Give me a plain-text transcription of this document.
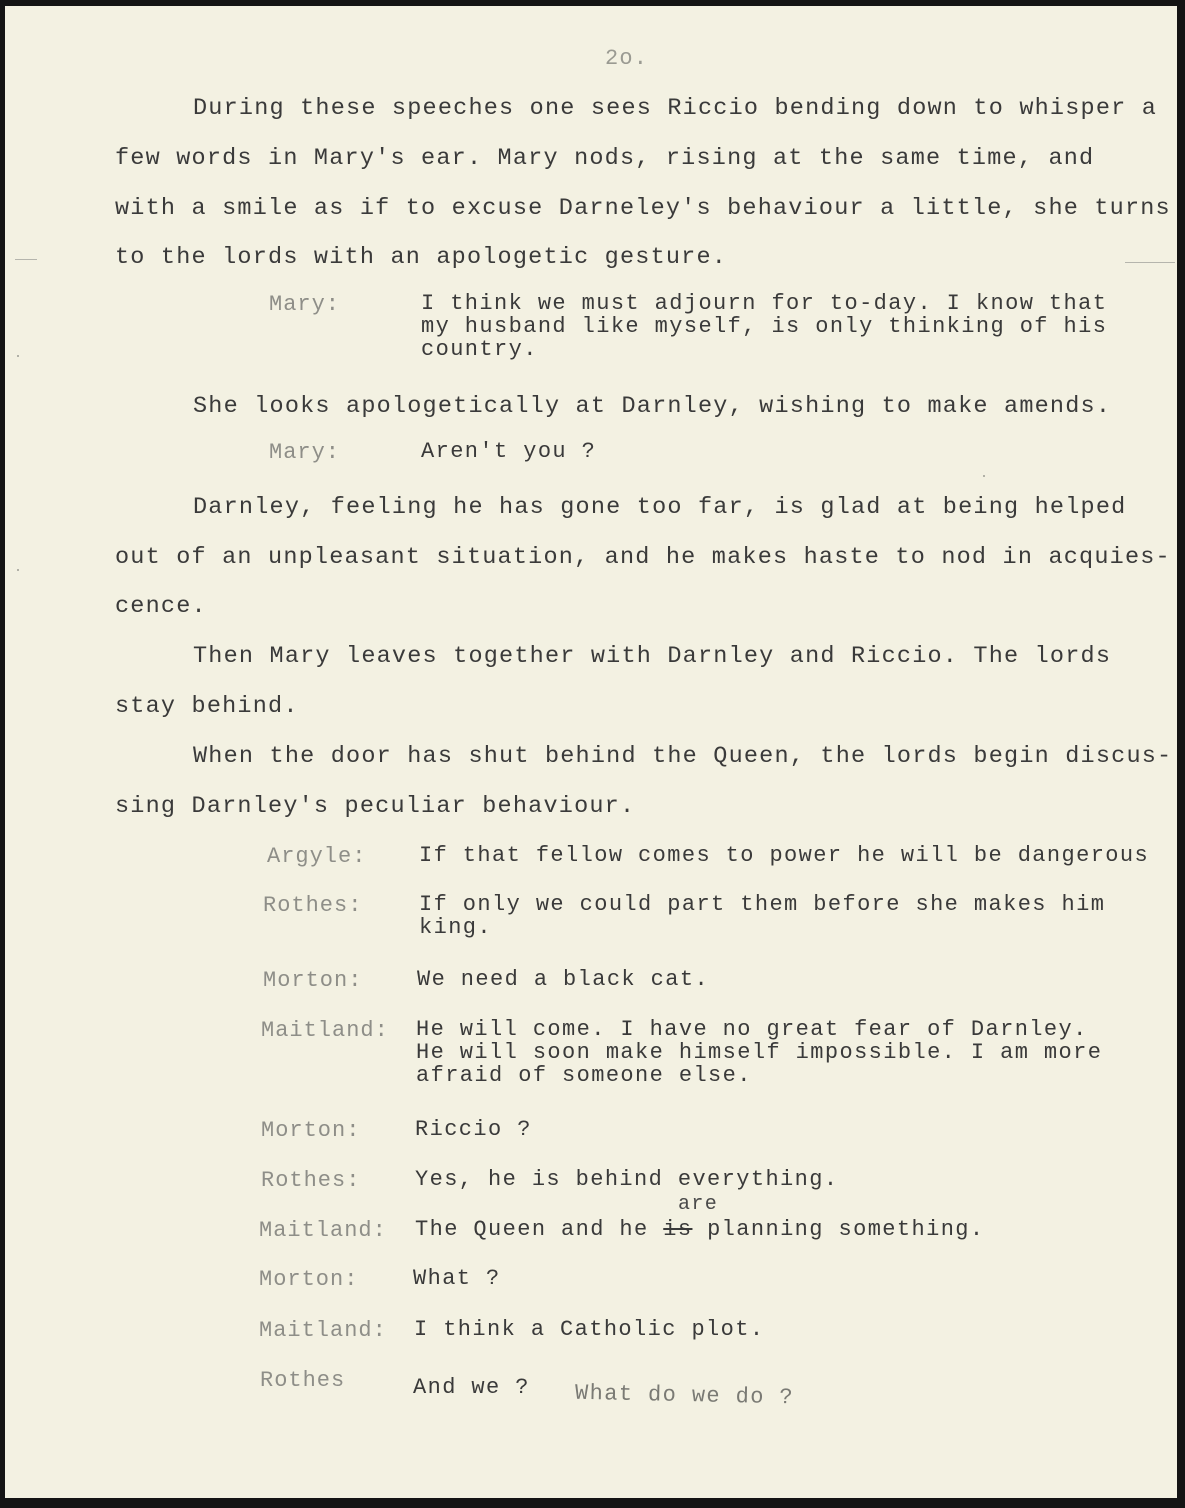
2o.
During these speeches one sees Riccio bending down to whisper a
few words in Mary's ear. Mary nods, rising at the same time, and
with a smile as if to excuse Darneley's behaviour a little, she turns
to the lords with an apologetic gesture.
Mary:	I think we must adjourn for to-day. I know that
my husband like myself, is only thinking of his
country.
She looks apologetically at Darnley, wishing to make amends.
Mary:	Aren't you ?
Darnley, feeling he has gone too far, is glad at being helped
out of an unpleasant situation, and he makes haste to nod in acquies-
cence.
Then Mary leaves together with Darnley and Riccio. The lords
stay behind.
When the door has shut behind the Queen, the lords begin discus-
sing Darnley's peculiar behaviour.
Argyle: If that fellow comes to power he will be dangerous
Rothes:	If only we could part them before she makes him
king.
Morton: We need a black cat.
Maitland: He will come. I have no great fear of Darnley.
He will soon make himself impossible. I am more
afraid of someone else.
Morton: Riccio ?
Rothes: Yes, he is behind everything.
are
Maitland: The Queen and he is planning something.
Morton: What ?
Maitland: I think a Catholic plot.
Rothes	And we ? What do we do ?
